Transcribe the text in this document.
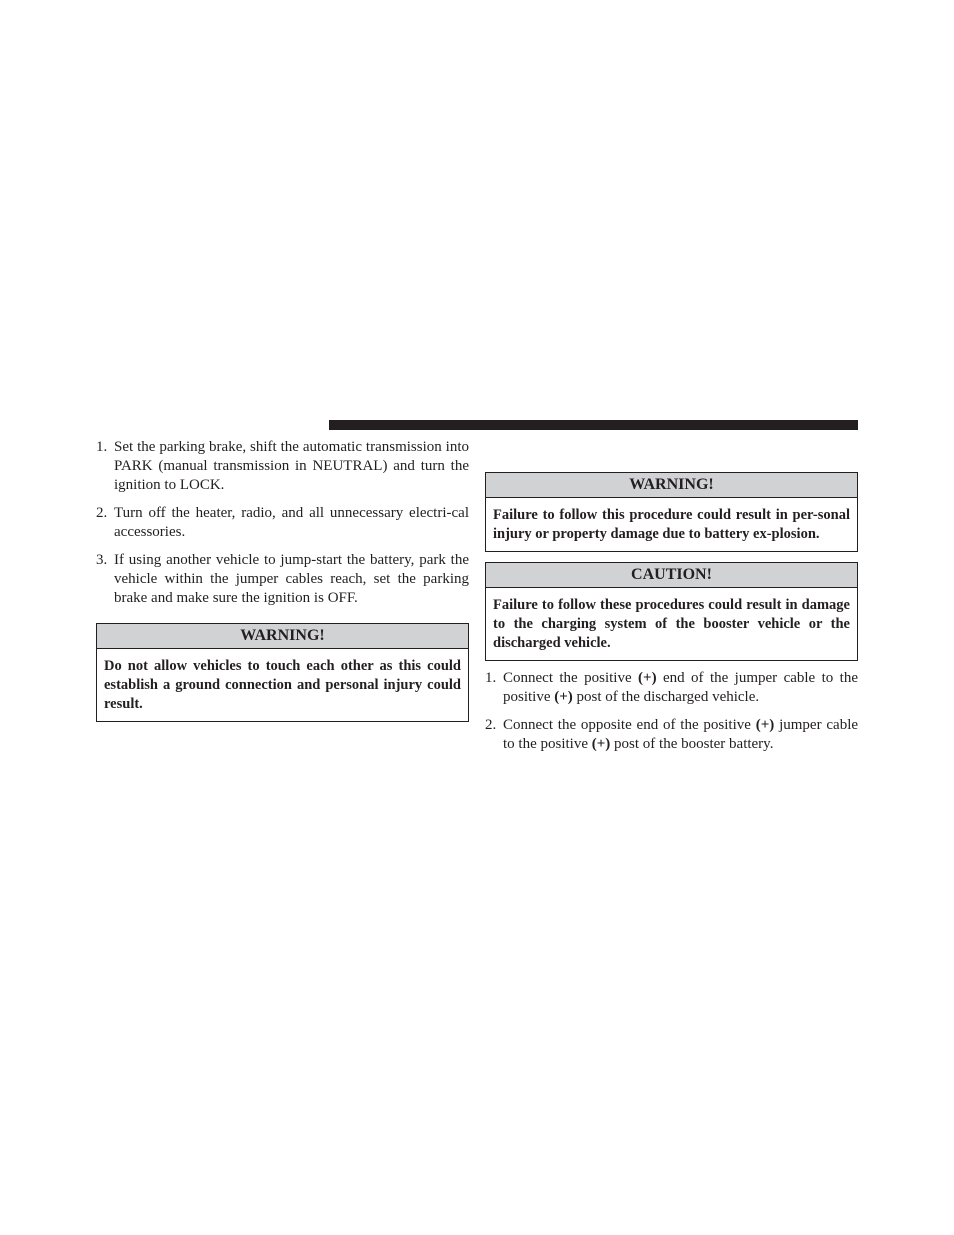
1. Set the parking brake, shift the automatic transmission into PARK (manual transmission in NEUTRAL) and turn the ignition to LOCK.
2. Turn off the heater, radio, and all unnecessary electri-cal accessories.
3. If using another vehicle to jump-start the battery, park the vehicle within the jumper cables reach, set the parking brake and make sure the ignition is OFF.
WARNING!
Do not allow vehicles to touch each other as this could establish a ground connection and personal injury could result.
WARNING!
Failure to follow this procedure could result in per-sonal injury or property damage due to battery ex-plosion.
CAUTION!
Failure to follow these procedures could result in damage to the charging system of the booster vehicle or the discharged vehicle.
1. Connect the positive (+) end of the jumper cable to the positive (+) post of the discharged vehicle.
2. Connect the opposite end of the positive (+) jumper cable to the positive (+) post of the booster battery.
